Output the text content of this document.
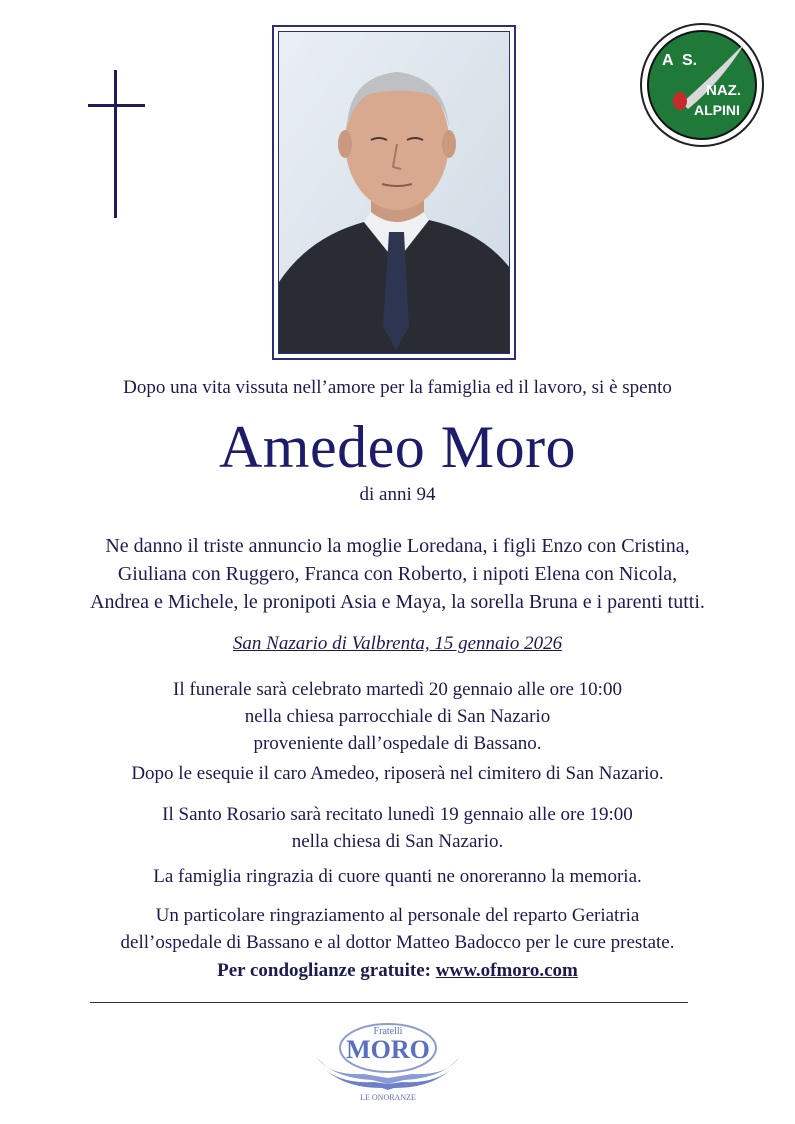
A S.
NAZ.
ALPINI
Dopo una vita vissuta nell’amore per la famiglia ed il lavoro, si è spento
Amedeo Moro
di anni 94
Ne danno il triste annuncio la moglie Loredana, i figli Enzo con Cristina,
Giuliana con Ruggero, Franca con Roberto, i nipoti Elena con Nicola,
Andrea e Michele, le pronipoti Asia e Maya, la sorella Bruna e i parenti tutti.
San Nazario di Valbrenta, 15 gennaio 2026
Il funerale sarà celebrato martedì 20 gennaio alle ore 10:00
nella chiesa parrocchiale di San Nazario
proveniente dall’ospedale di Bassano.
Dopo le esequie il caro Amedeo, riposerà nel cimitero di San Nazario.
Il Santo Rosario sarà recitato lunedì 19 gennaio alle ore 19:00
nella chiesa di San Nazario.
La famiglia ringrazia di cuore quanti ne onoreranno la memoria.
Un particolare ringraziamento al personale del reparto Geriatria
dell’ospedale di Bassano e al dottor Matteo Badocco per le cure prestate.
Per condoglianze gratuite: www.ofmoro.com
Fratelli
MORO
LE ONORANZE
